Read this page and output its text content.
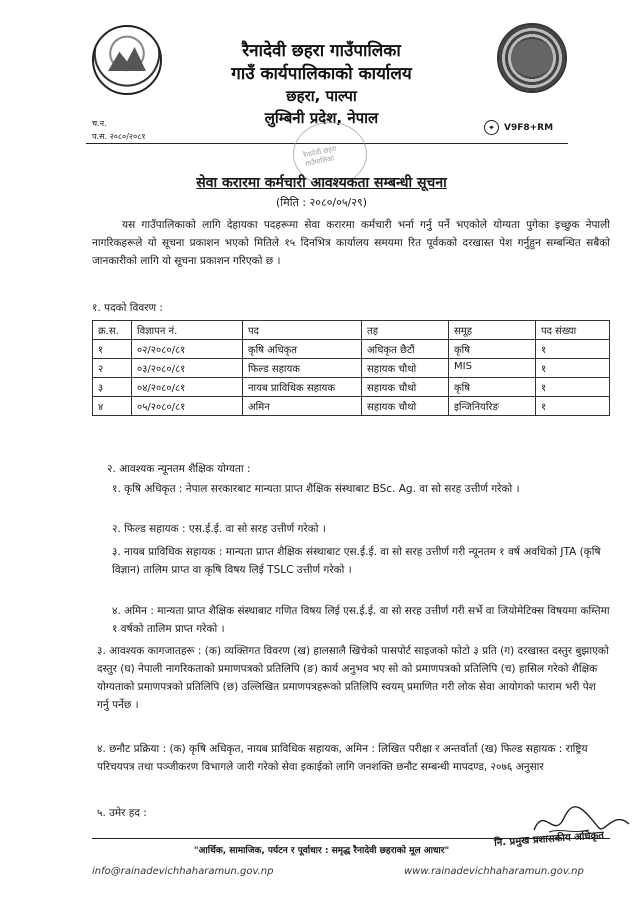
रैनादेवी छहरा गाउँपालिका
गाउँ कार्यपालिकाको कार्यालय
छहरा, पाल्पा
लुम्बिनी प्रदेश, नेपाल
च.न.
प.स. २०८०/२०८१
⌖	V9F8+RM
रैनादेवी छहरा गाउँपालिका
सेवा करारमा कर्मचारी आवश्यकता सम्बन्धी सूचना
(मिति : २०८०/०५/२९)
यस गाउँपालिकाको लागि देहायका पदहरूमा सेवा करारमा कर्मचारी भर्ना गर्नु पर्ने भएकोले योग्यता पुगेका इच्छुक नेपाली नागरिकहरूले यो सूचना प्रकाशन भएको मितिले १५ दिनभित्र कार्यालय समयमा रित पूर्वकको दरखास्त पेश गर्नुहुन सम्बन्धित सबैको जानकारीको लागि यो सूचना प्रकाशन गरिएको छ ।
१. पदको विवरण :
क्र.स.	विज्ञापन नं.	पद	तह	समूह	पद संख्या
१	०२/२०८०/८१	कृषि अधिकृत	अधिकृत छैटौं	कृषि	१
२	०३/२०८०/८१	फिल्ड सहायक	सहायक चौथो	MIS	१
३	०४/२०८०/८१	नायब प्राविधिक सहायक	सहायक चौथो	कृषि	१
४	०५/२०८०/८१	अमिन	सहायक चौथो	इन्जिनियरिङ	१
२. आवश्यक न्यूनतम शैक्षिक योग्यता :
१. कृषि अधिकृत : नेपाल सरकारबाट मान्यता प्राप्त शैक्षिक संस्थाबाट BSc. Ag. वा सो सरह उत्तीर्ण गरेको ।
२. फिल्ड सहायक : एस.ई.ई. वा सो सरह उत्तीर्ण गरेको ।
३. नायब प्राविधिक सहायक : मान्यता प्राप्त शैक्षिक संस्थाबाट एस.ई.ई. वा सो सरह उत्तीर्ण गरी न्यूनतम १ वर्ष अवधिको JTA (कृषि विज्ञान) तालिम प्राप्त वा कृषि विषय लिई TSLC उत्तीर्ण गरेको ।
४. अमिन : मान्यता प्राप्त शैक्षिक संस्थाबाट गणित विषय लिई एस.ई.ई. वा सो सरह उत्तीर्ण गरी सर्भे वा जियोमेटिक्स विषयमा कम्तिमा १ वर्षको तालिम प्राप्त गरेको ।
३. आवश्यक कागजातहरू : (क) व्यक्तिगत विवरण (ख) हालसालै खिचेको पासपोर्ट साइजको फोटो ३ प्रति (ग) दरखास्त दस्तुर बुझाएको दस्तुर (घ) नेपाली नागरिकताको प्रमाणपत्रको प्रतिलिपि (ङ) कार्य अनुभव भए सो को प्रमाणपत्रको प्रतिलिपि (च) हासिल गरेको शैक्षिक योग्यताको प्रमाणपत्रको प्रतिलिपि (छ) उल्लिखित प्रमाणपत्रहरूको प्रतिलिपि स्वयम् प्रमाणित गरी लोक सेवा आयोगको फाराम भरी पेश गर्नु पर्नेछ ।
४. छनौट प्रक्रिया : (क) कृषि अधिकृत, नायब प्राविधिक सहायक, अमिन : लिखित परीक्षा र अन्तर्वार्ता (ख) फिल्ड सहायक : राष्ट्रिय परिचयपत्र तथा पञ्जीकरण विभागले जारी गरेको सेवा इकाईको लागि जनशक्ति छनौट सम्बन्धी मापदण्ड, २०७६ अनुसार
५. उमेर हद :
नि. प्रमुख प्रशासकीय अधिकृत
"आर्थिक, सामाजिक, पर्यटन र पूर्वाधार : समृद्ध रैनादेवी छहराको मूल आधार"
info@rainadevichhaharamun.gov.np	www.rainadevichhaharamun.gov.np
